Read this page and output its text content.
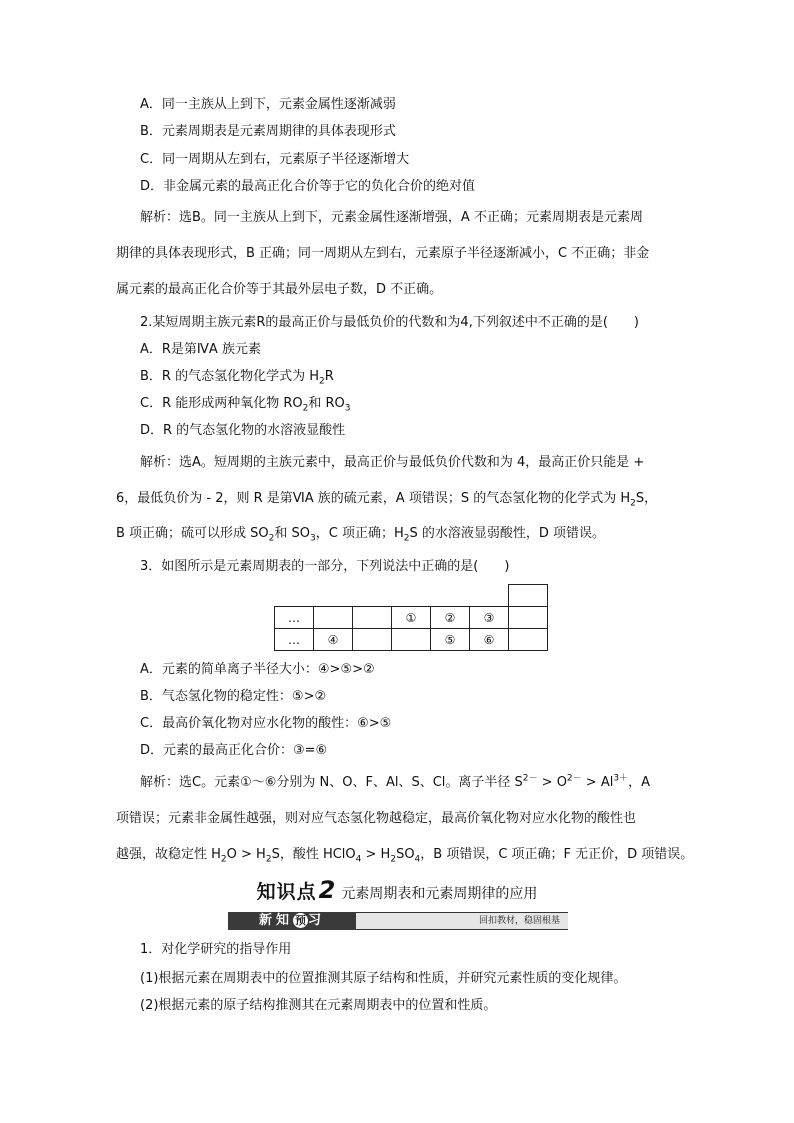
A．同一主族从上到下，元素金属性逐渐减弱
B．元素周期表是元素周期律的具体表现形式
C．同一周期从左到右，元素原子半径逐渐增大
D．非金属元素的最高正化合价等于它的负化合价的绝对值
解析：选B。同一主族从上到下，元素金属性逐渐增强，A 不正确；元素周期表是元素周
期律的具体表现形式，B 正确；同一周期从左到右，元素原子半径逐渐减小，C 不正确；非金
属元素的最高正化合价等于其最外层电子数，D 不正确。
2.某短周期主族元素R的最高正价与最低负价的代数和为4,下列叙述中不正确的是(　　)
A．R是第ⅣA 族元素
B．R 的气态氢化物化学式为 $H_2R$
C．R 能形成两种氧化物 $RO_2$和 $RO_3$
D．R 的气态氢化物的水溶液显酸性
解析：选A。短周期的主族元素中，最高正价与最低负价代数和为 4，最高正价只能是 +
6，最低负价为 - 2，则 R 是第ⅥA 族的硫元素，A 项错误；S 的气态氢化物的化学式为 $H_2S$，
B 项正确；硫可以形成 $SO_2$和 $SO_3$，C 项正确；$H_2S$ 的水溶液显弱酸性，D 项错误。
3．如图所示是元素周期表的一部分，下列说法中正确的是(　　)
…			①	②	③	
…	④			⑤	⑥	
A．元素的简单离子半径大小：④>⑤>②
B．气态氢化物的稳定性：⑤>②
C．最高价氧化物对应水化物的酸性：⑥>⑤
D．元素的最高正化合价：③=⑥
解析：选C。元素①～⑥分别为 N、O、F、Al、S、Cl。离子半径 $S^{2-} > O^{2-} > Al^{3+}$，A
项错误；元素非金属性越强，则对应气态氢化物越稳定，最高价氧化物对应水化物的酸性也
越强，故稳定性 $H_2O > H_2S$，酸性 HClO$_4$ > $H_2SO_4$，B 项错误，C 项正确；F 无正价，D 项错误。
知识点2 元素周期表和元素周期律的应用
新知 预 习	回扣教材，稳固根基
1．对化学研究的指导作用
(1)根据元素在周期表中的位置推测其原子结构和性质，并研究元素性质的变化规律。
(2)根据元素的原子结构推测其在元素周期表中的位置和性质。
